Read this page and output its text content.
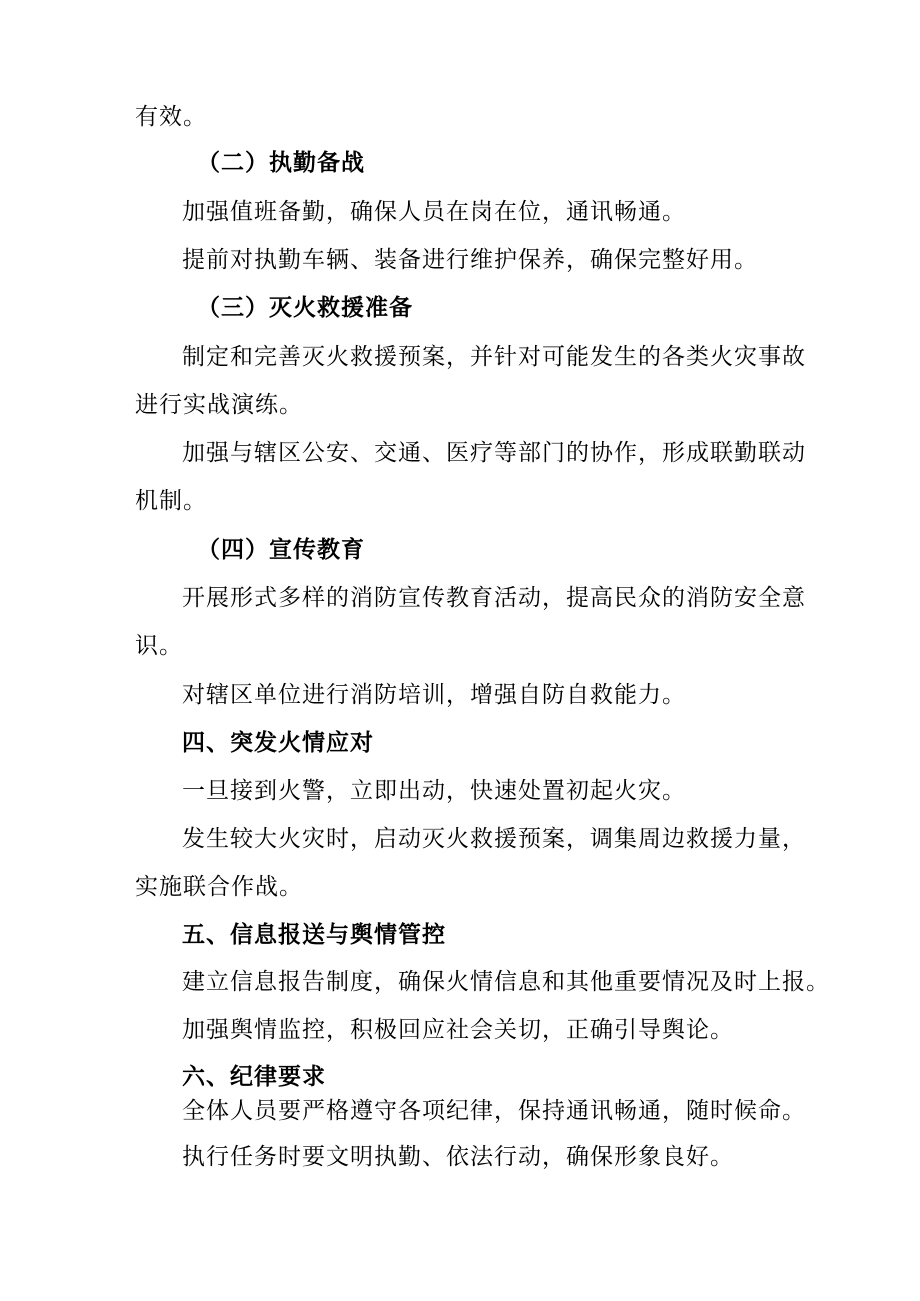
有效。
（二）执勤备战
加强值班备勤，确保人员在岗在位，通讯畅通。
提前对执勤车辆、装备进行维护保养，确保完整好用。
（三）灭火救援准备
制定和完善灭火救援预案，并针对可能发生的各类火灾事故
进行实战演练。
加强与辖区公安、交通、医疗等部门的协作，形成联勤联动
机制。
（四）宣传教育
开展形式多样的消防宣传教育活动，提高民众的消防安全意
识。
对辖区单位进行消防培训，增强自防自救能力。
四、突发火情应对
一旦接到火警，立即出动，快速处置初起火灾。
发生较大火灾时，启动灭火救援预案，调集周边救援力量，
实施联合作战。
五、信息报送与舆情管控
建立信息报告制度，确保火情信息和其他重要情况及时上报。
加强舆情监控，积极回应社会关切，正确引导舆论。
六、纪律要求
全体人员要严格遵守各项纪律，保持通讯畅通，随时候命。
执行任务时要文明执勤、依法行动，确保形象良好。
